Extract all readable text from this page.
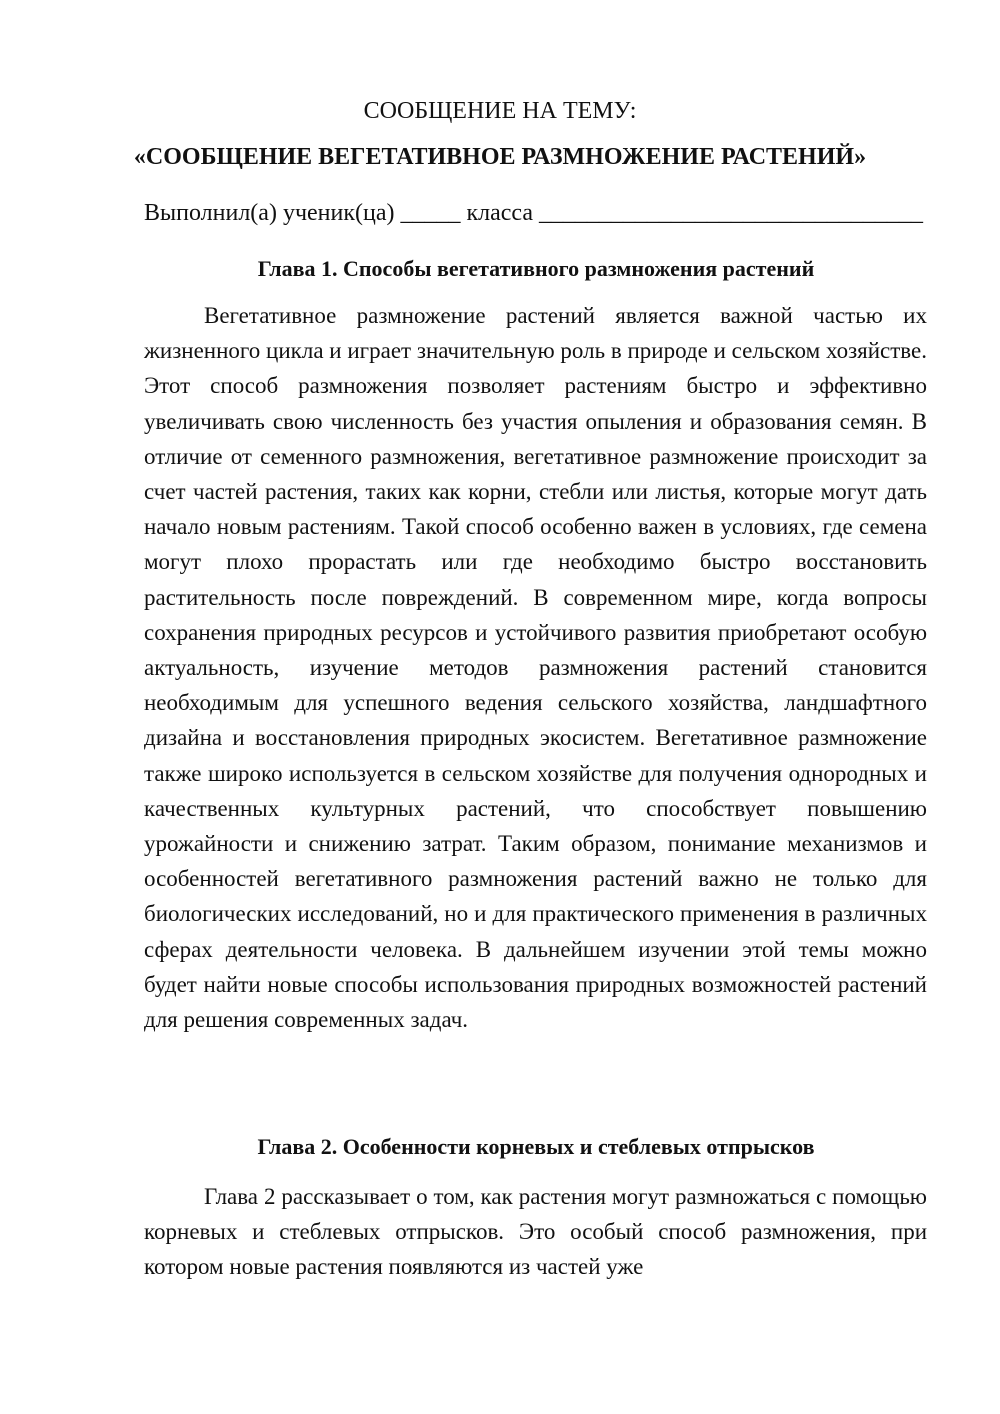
СООБЩЕНИЕ НА ТЕМУ:
«СООБЩЕНИЕ ВЕГЕТАТИВНОЕ РАЗМНОЖЕНИЕ РАСТЕНИЙ»
Выполнил(а) ученик(ца) _____ класса ________________________________
Глава 1. Способы вегетативного размножения растений

Вегетативное размножение растений является важной частью их жизненного цикла и играет значительную роль в природе и сельском хозяйстве. Этот способ размножения позволяет растениям быстро и эффективно увеличивать свою численность без участия опыления и образования семян. В отличие от семенного размножения, вегетативное размножение происходит за счет частей растения, таких как корни, стебли или листья, которые могут дать начало новым растениям. Такой способ особенно важен в условиях, где семена могут плохо прорастать или где необходимо быстро восстановить растительность после повреждений. В современном мире, когда вопросы сохранения природных ресурсов и устойчивого развития приобретают особую актуальность, изучение методов размножения растений становится необходимым для успешного ведения сельского хозяйства, ландшафтного дизайна и восстановления природных экосистем. Вегетативное размножение также широко используется в сельском хозяйстве для получения однородных и качественных культурных растений, что способствует повышению урожайности и снижению затрат. Таким образом, понимание механизмов и особенностей вегетативного размножения растений важно не только для биологических исследований, но и для практического применения в различных сферах деятельности человека. В дальнейшем изучении этой темы можно будет найти новые способы использования природных возможностей растений для решения современных задач.

Глава 2. Особенности корневых и стеблевых отпрысков

Глава 2 рассказывает о том, как растения могут размножаться с помощью корневых и стеблевых отпрысков. Это особый способ размножения, при котором новые растения появляются из частей уже
